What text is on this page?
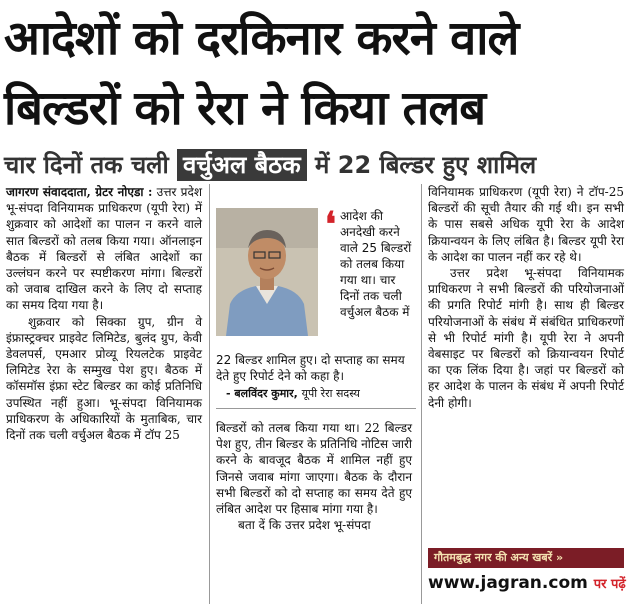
आदेशों को दरकिनार करने वाले
बिल्डरों को रेरा ने किया तलब
चार दिनों तक चली वर्चुअल बैठक में 22 बिल्डर हुए शामिल

जागरण संवाददाता, ग्रेटर नोएडा : उत्तर प्रदेश भू-संपदा विनियामक प्राधिकरण (यूपी रेरा) में शुक्रवार को आदेशों का पालन न करने वाले सात बिल्डरों को तलब किया गया। ऑनलाइन बैठक में बिल्डरों से लंबित आदेशों का उल्लंघन करने पर स्पष्टीकरण मांगा। बिल्डरों को जवाब दाखिल करने के लिए दो सप्ताह का समय दिया गया है।

शुक्रवार को सिक्का ग्रुप, ग्रीन वे इंफ्रास्ट्रक्चर प्राइवेट लिमिटेड, बुलंद ग्रुप, केवी डेवलपर्स, एमआर प्रोव्यू रियलटेक प्राइवेट लिमिटेड रेरा के सम्मुख पेश हुए। बैठक में कॉसमॉस इंफ्रा स्टेट बिल्डर का कोई प्रतिनिधि उपस्थित नहीं हुआ। भू-संपदा विनियामक प्राधिकरण के अधिकारियों के मुताबिक, चार दिनों तक चली वर्चुअल बैठक में टॉप 25

❛ आदेश की अनदेखी करने वाले 25 बिल्डरों को तलब किया गया था। चार दिनों तक चली वर्चुअल बैठक में
22 बिल्डर शामिल हुए। दो सप्ताह का समय देते हुए रिपोर्ट देने को कहा है।
- बलविंदर कुमार, यूपी रेरा सदस्य

बिल्डरों को तलब किया गया था। 22 बिल्डर पेश हुए, तीन बिल्डर के प्रतिनिधि नोटिस जारी करने के बावजूद बैठक में शामिल नहीं हुए जिनसे जवाब मांगा जाएगा। बैठक के दौरान सभी बिल्डरों को दो सप्ताह का समय देते हुए लंबित आदेश पर हिसाब मांगा गया है।

बता दें कि उत्तर प्रदेश भू-संपदा

विनियामक प्राधिकरण (यूपी रेरा) ने टॉप-25 बिल्डरों की सूची तैयार की गई थी। इन सभी के पास सबसे अधिक यूपी रेरा के आदेश क्रियान्वयन के लिए लंबित है। बिल्डर यूपी रेरा के आदेश का पालन नहीं कर रहे थे।

उत्तर प्रदेश भू-संपदा विनियामक प्राधिकरण ने सभी बिल्डरों की परियोजनाओं की प्रगति रिपोर्ट मांगी है। साथ ही बिल्डर परियोजनाओं के संबंध में संबंधित प्राधिकरणों से भी रिपोर्ट मांगी है। यूपी रेरा ने अपनी वेबसाइट पर बिल्डरों को क्रियान्वयन रिपोर्ट का एक लिंक दिया है। जहां पर बिल्डरों को हर आदेश के पालन के संबंध में अपनी रिपोर्ट देनी होगी।

गौतमबुद्ध नगर की अन्य खबरें »
www.jagran.com पर पढ़ें
